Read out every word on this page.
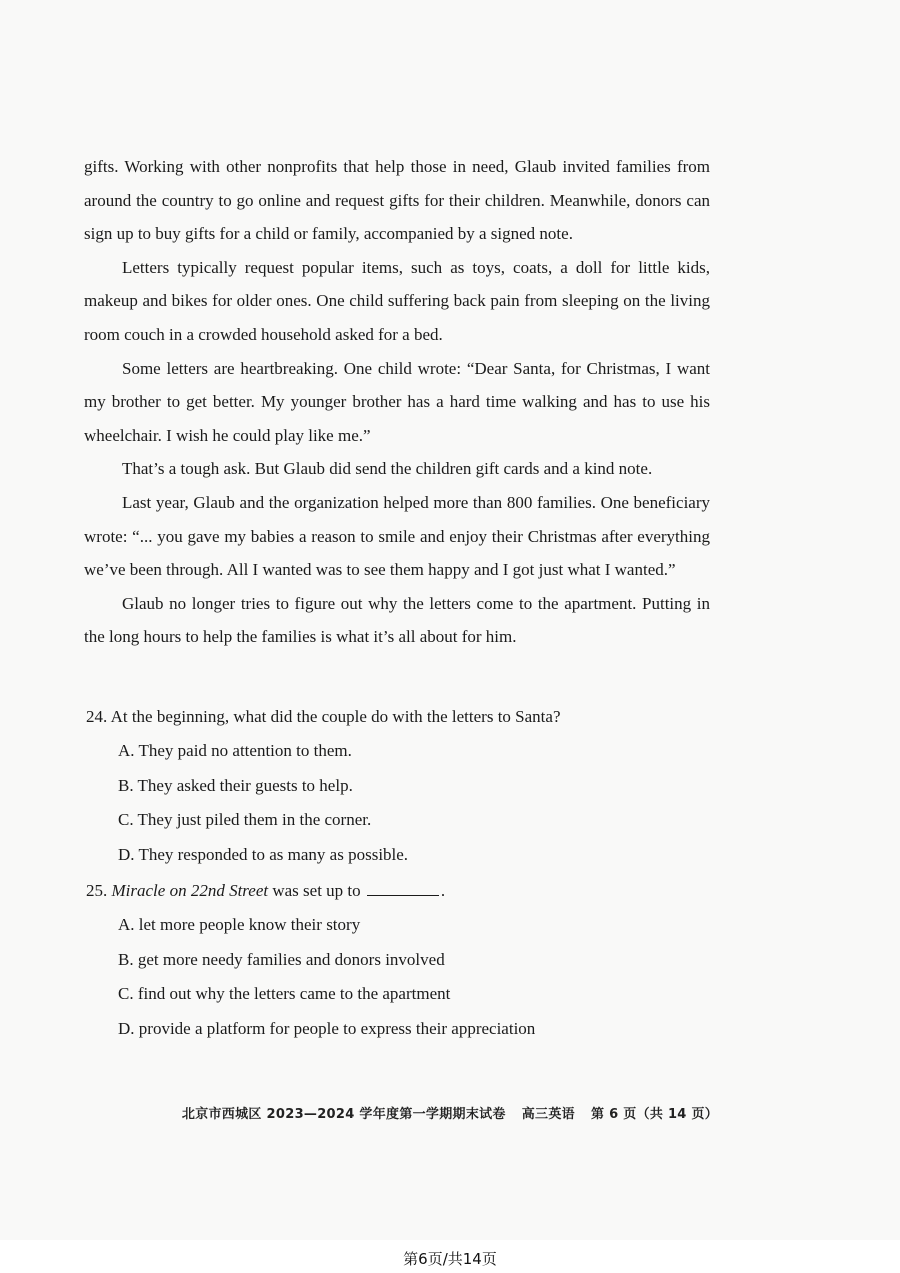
gifts. Working with other nonprofits that help those in need, Glaub invited families from around the country to go online and request gifts for their children. Meanwhile, donors can sign up to buy gifts for a child or family, accompanied by a signed note.

Letters typically request popular items, such as toys, coats, a doll for little kids, makeup and bikes for older ones. One child suffering back pain from sleeping on the living room couch in a crowded household asked for a bed.

Some letters are heartbreaking. One child wrote: “Dear Santa, for Christmas, I want my brother to get better. My younger brother has a hard time walking and has to use his wheelchair. I wish he could play like me.”

That’s a tough ask. But Glaub did send the children gift cards and a kind note.

Last year, Glaub and the organization helped more than 800 families. One beneficiary wrote: “... you gave my babies a reason to smile and enjoy their Christmas after everything we’ve been through. All I wanted was to see them happy and I got just what I wanted.”

Glaub no longer tries to figure out why the letters come to the apartment. Putting in the long hours to help the families is what it’s all about for him.

24. At the beginning, what did the couple do with the letters to Santa?

A. They paid no attention to them.

B. They asked their guests to help.

C. They just piled them in the corner.

D. They responded to as many as possible.

25. Miracle on 22nd Street was set up to	.

A. let more people know their story

B. get more needy families and donors involved

C. find out why the letters came to the apartment

D. provide a platform for people to express their appreciation

北京市西城区 2023—2024 学年度第一学期期末试卷 高三英语 第 6 页（共 14 页）
第6页/共14页
